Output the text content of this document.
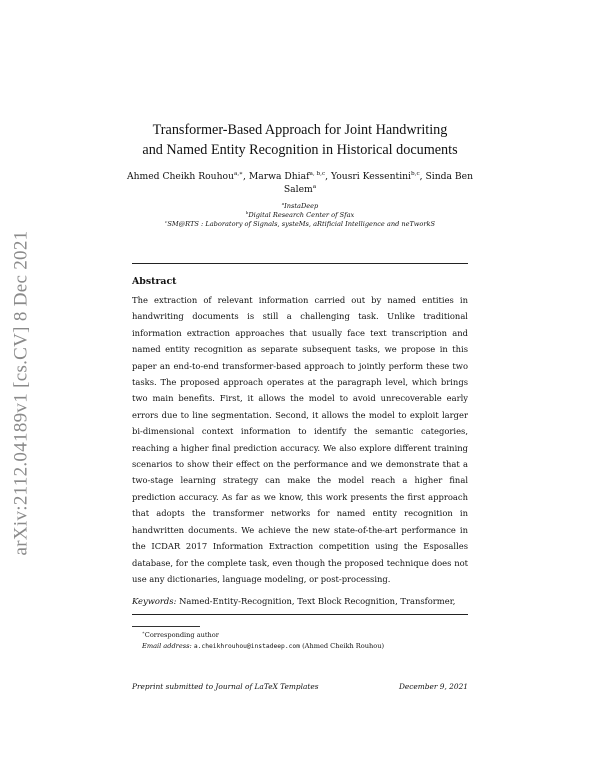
arXiv:2112.04189v1 [cs.CV] 8 Dec 2021
Transformer-Based Approach for Joint Handwriting
and Named Entity Recognition in Historical documents
Ahmed Cheikh Rouhou$^{a,∗}$, Marwa Dhiaf$^{a, b,c}$, Yousri Kessentini$^{b,c}$, Sinda Ben Salem$^a$
$^a$InstaDeep
$^b$Digital Research Center of Sfax
$^c$SM@RTS : Laboratory of Signals, systeMs, aRtificial Intelligence and neTworkS
Abstract
The extraction of relevant information carried out by named entities in handwriting documents is still a challenging task. Unlike traditional information extraction approaches that usually face text transcription and named entity recognition as separate subsequent tasks, we propose in this paper an end-to-end transformer-based approach to jointly perform these two tasks. The proposed approach operates at the paragraph level, which brings two main benefits. First, it allows the model to avoid unrecoverable early errors due to line segmentation. Second, it allows the model to exploit larger bi-dimensional context information to identify the semantic categories, reaching a higher final prediction accuracy. We also explore different training scenarios to show their effect on the performance and we demonstrate that a two-stage learning strategy can make the model reach a higher final prediction accuracy. As far as we know, this work presents the first approach that adopts the transformer networks for named entity recognition in handwritten documents. We achieve the new state-of-the-art performance in the ICDAR 2017 Information Extraction competition using the Esposalles database, for the complete task, even though the proposed technique does not use any dictionaries, language modeling, or post-processing.
Keywords: Named-Entity-Recognition, Text Block Recognition, Transformer,
∗Corresponding author
Email address: a.cheikhrouhou@instadeep.com (Ahmed Cheikh Rouhou)
Preprint submitted to Journal of LaTeX Templates	December 9, 2021
